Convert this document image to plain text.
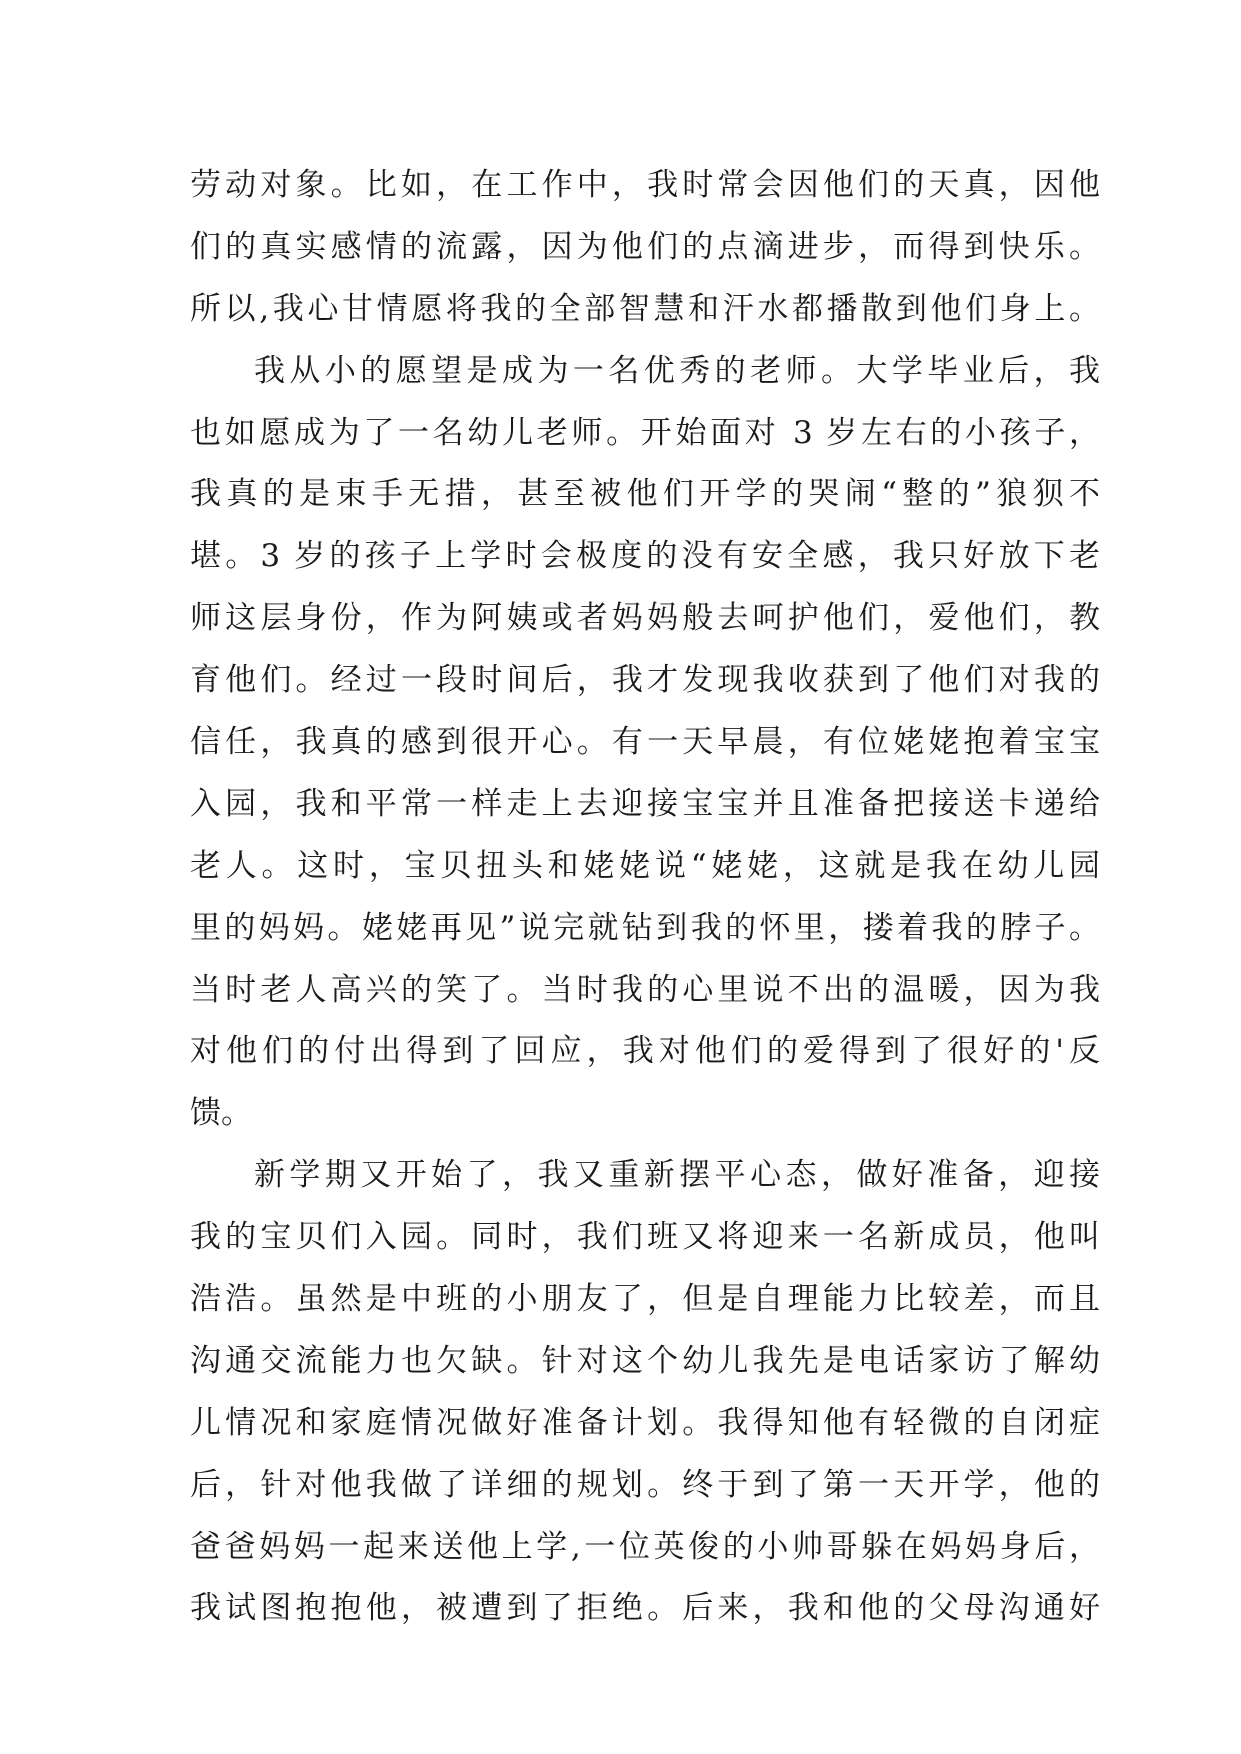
劳动对象。比如，在工作中，我时常会因他们的天真，因他
们的真实感情的流露，因为他们的点滴进步，而得到快乐。
所以,我心甘情愿将我的全部智慧和汗水都播散到他们身上。
我从小的愿望是成为一名优秀的老师。大学毕业后，我
也如愿成为了一名幼儿老师。开始面对 3 岁左右的小孩子，
我真的是束手无措，甚至被他们开学的哭闹“整的”狼狈不
堪。3 岁的孩子上学时会极度的没有安全感，我只好放下老
师这层身份，作为阿姨或者妈妈般去呵护他们，爱他们，教
育他们。经过一段时间后，我才发现我收获到了他们对我的
信任，我真的感到很开心。有一天早晨，有位姥姥抱着宝宝
入园，我和平常一样走上去迎接宝宝并且准备把接送卡递给
老人。这时，宝贝扭头和姥姥说“姥姥，这就是我在幼儿园
里的妈妈。姥姥再见”说完就钻到我的怀里，搂着我的脖子。
当时老人高兴的笑了。当时我的心里说不出的温暖，因为我
对他们的付出得到了回应，我对他们的爱得到了很好的'反
馈。
新学期又开始了，我又重新摆平心态，做好准备，迎接
我的宝贝们入园。同时，我们班又将迎来一名新成员，他叫
浩浩。虽然是中班的小朋友了，但是自理能力比较差，而且
沟通交流能力也欠缺。针对这个幼儿我先是电话家访了解幼
儿情况和家庭情况做好准备计划。我得知他有轻微的自闭症
后，针对他我做了详细的规划。终于到了第一天开学，他的
爸爸妈妈一起来送他上学,一位英俊的小帅哥躲在妈妈身后，
我试图抱抱他，被遭到了拒绝。后来，我和他的父母沟通好
